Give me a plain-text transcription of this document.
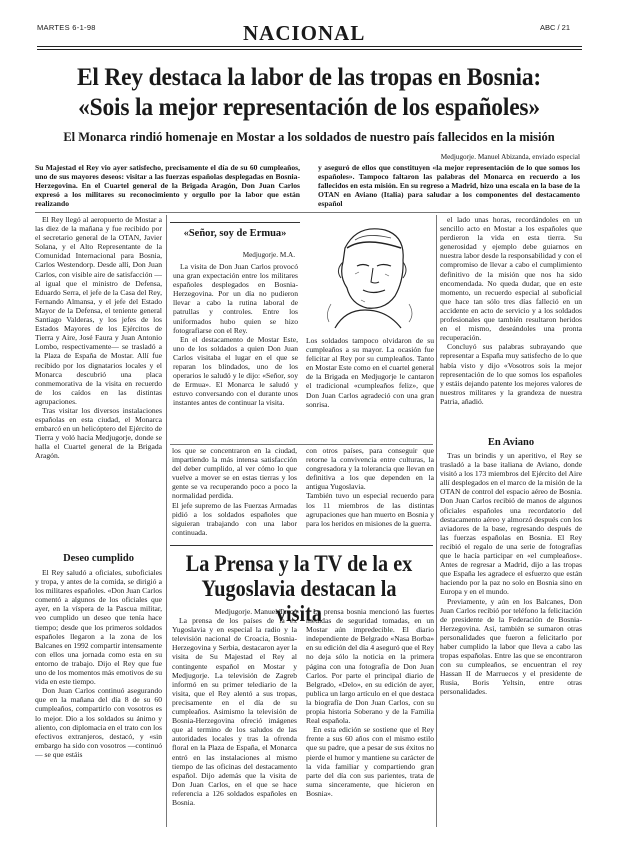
MARTES 6-1-98	NACIONAL	ABC / 21
El Rey destaca la labor de las tropas en Bosnia:
«Sois la mejor representación de los españoles»
El Monarca rindió homenaje en Mostar a los soldados de nuestro país fallecidos en la misión
Medjugorje. Manuel Abizanda, enviado especial
Su Majestad el Rey vio ayer satisfecho, precisamente el día de su 60 cumpleaños, uno de sus mayores deseos: visitar a las fuerzas españolas desplegadas en Bosnia-Herzegovina. En el Cuartel general de la Brigada Aragón, Don Juan Carlos expresó a los militares su reconocimiento y orgullo por la labor que están realizando
y aseguró de ellos que constituyen «la mejor representación de lo que somos los españoles». Tampoco faltaron las palabras del Monarca en recuerdo a los fallecidos en esta misión. En su regreso a Madrid, hizo una escala en la base de la OTAN en Aviano (Italia) para saludar a los componentes del destacamento español

El Rey llegó al aeropuerto de Mostar a las diez de la mañana y fue recibido por el secretario general de la OTAN, Javier Solana, y el Alto Representante de la Comunidad Internacional para Bosnia, Carlos Westendorp. Desde allí, Don Juan Carlos, con visible aire de satisfacción —al igual que el ministro de Defensa, Eduardo Serra, el jefe de la Casa del Rey, Fernando Almansa, y el jefe del Estado Mayor de la Defensa, el teniente general Santiago Valderas, y los jefes de los Estados Mayores de los Ejércitos de Tierra y Aire, José Faura y Juan Antonio Lombo, respectivamente— se trasladó a la Plaza de España de Mostar. Allí fue recibido por los dignatarios locales y el Monarca descubrió una placa conmemorativa de la visita en recuerdo de los caídos en las distintas agrupaciones.

Tras visitar los diversos instalaciones españolas en esta ciudad, el Monarca embarcó en un helicóptero del Ejército de Tierra y voló hacia Medjugorje, donde se halla el Cuartel general de la Brigada Aragón.

Deseo cumplido

El Rey saludó a oficiales, suboficiales y tropa, y antes de la comida, se dirigió a los militares españoles. «Don Juan Carlos comentó a algunos de los oficiales que ayer, en la víspera de la Pascua militar, veo cumplido un deseo que tenía hace tiempo; desde que los primeros soldados españoles llegaron a la zona de los Balcanes en 1992 compartir intensamente con ellos una jornada como esta en su entorno de trabajo. Dijo el Rey que fue uno de los momentos más emotivos de su vida en este tiempo.

Don Juan Carlos continuó asegurando que en la mañana del día 8 de su 60 cumpleaños, compartirlo con vosotros es lo mejor. Dio a los soldados su ánimo y aliento, con diplomacia en el trato con los efectivos extranjeros, destacó, y «sin embargo ha sido con vosotros —continuó— se que estáis

«Señor, soy de Ermua»
Medjugorje. M.A.

La visita de Don Juan Carlos provocó una gran expectación entre los militares españoles desplegados en Bosnia-Herzegovina. Por un día no pudieron llevar a cabo la rutina laboral de patrullas y controles. Entre los uniformados hubo quien se hizo fotografiarse con el Rey.

En el destacamento de Mostar Este, uno de los soldados a quien Don Juan Carlos visitaba el lugar en el que se reparan los blindados, uno de los operarios le saludó y le dijo: «Señor, soy de Ermua». El Monarca le saludó y estuvo conversando con el durante unos instantes antes de continuar la visita.

Los soldados tampoco olvidaron de su cumpleaños a su mayor. La ocasión fue felicitar al Rey por su cumpleaños. Tanto en Mostar Este como en el cuartel general de la Brigada en Medjugorje le cantaron el tradicional «cumpleaños feliz», que Don Juan Carlos agradeció con una gran sonrisa.

el lado unas horas, recordándoles en un sencillo acto en Mostar a los españoles que perdieron la vida en esta tierra. Su generosidad y ejemplo debe guiarnos en nuestra labor desde la responsabilidad y con el compromiso de llevar a cabo el cumplimiento definitivo de la misión que nos ha sido encomendada. No queda dudar, que en este momento, un recuerdo especial al suboficial que hace tan sólo tres días falleció en un accidente en acto de servicio y a los soldados profesionales que también resultaron heridos en el mismo, deseándoles una pronta recuperación.

Concluyó sus palabras subrayando que representar a España muy satisfecho de lo que había visto y dijo «Vosotros sois la mejor representación de lo que somos los españoles y estáis dejando patente los mejores valores de nuestros militares y la grandeza de nuestra Patria, añadió.

En Aviano

Tras un brindis y un aperitivo, el Rey se trasladó a la base italiana de Aviano, donde visitó a los 173 miembros del Ejército del Aire allí desplegados en el marco de la misión de la OTAN de control del espacio aéreo de Bosnia. Don Juan Carlos recibió de manos de algunos oficiales españoles una recordatorio del destacamento aéreo y almorzó después con los aviadores de la base, regresando después de las fuerzas españolas en Bosnia. El Rey recibió el regalo de una serie de fotografías que le hacía participar en «el cumpleaños». Antes de regresar a Madrid, dijo a las tropas que España les agradece el esfuerzo que están haciendo por la paz no solo en Bosnia sino en Europa y en el mundo.

Previamente, y aún en los Balcanes, Don Juan Carlos recibió por teléfono la felicitación de presidente de la Federación de Bosnia-Herzegovina. Así, también se sumaron otras personalidades que fueron a felicitarlo por haber cumplido la labor que lleva a cabo las tropas españolas. Entre las que se encontraron con su cumpleaños, se encuentran el rey Hassan II de Marruecos y el presidente de Rusia, Boris Yeltsin, entre otras personalidades.

los que se concentraron en la ciudad, impartiendo la más intensa satisfacción del deber cumplido, al ver cómo lo que vuelve a mover se en estas tierras y los gente se va recuperando poco a poco la normalidad perdida.
El jefe supremo de las Fuerzas Armadas pidió a los soldados españoles que siguieran trabajando con una labor continuada.
con otros países, para conseguir que retorne la convivencia entre culturas, la congresadora y la tolerancia que llevan en definitiva a los que dependen en la antigua Yugoslavia.
También tuvo un especial recuerdo para los 11 miembros de las distintas agrupaciones que han muerto en Bosnia y para los heridos en misiones de la guerra.
La Prensa y la TV de la ex Yugoslavia destacan la visita

Medjugorje. Manuel Taccó

La prensa de los países de la ex Yugoslavia y en especial la radio y la televisión nacional de Croacia, Bosnia-Herzegovina y Serbia, destacaron ayer la visita de Su Majestad el Rey al contingente español en Mostar y Medjugorje. La televisión de Zagreb informó en su primer telediario de la visita, que el Rey alentó a sus tropas, precisamente en el día de su cumpleaños. Asimismo la televisión de Bosnia-Herzegovina ofreció imágenes que al termino de los saludos de las autoridades locales y tras la ofrenda floral en la Plaza de España, el Monarca entró en las instalaciones al mismo tiempo de las oficinas del destacamento español. Dijo además que la visita de Don Juan Carlos, en el que se hace referencia a 126 soldados españoles en Bosnia.

La prensa bosnia mencionó las fuertes medidas de seguridad tomadas, en un Mostar aún impredecible. El diario independiente de Belgrado «Nasa Borba» en su edición del día 4 aseguró que el Rey no deja sólo la noticia en la primera página con una fotografía de Don Juan Carlos. Por parte el principal diario de Belgrado, «Delo», en su edición de ayer, publica un largo artículo en el que destaca la biografía de Don Juan Carlos, con su propia historia Soberano y de la Familia Real española.

En esta edición se sostiene que el Rey frente a sus 60 años con el mismo estilo que su padre, que a pesar de sus éxitos no pierde el humor y mantiene su carácter de la vida familiar y compartiendo gran parte del día con sus parientes, trata de suma sinceramente, que hicieron en Bosnia».
